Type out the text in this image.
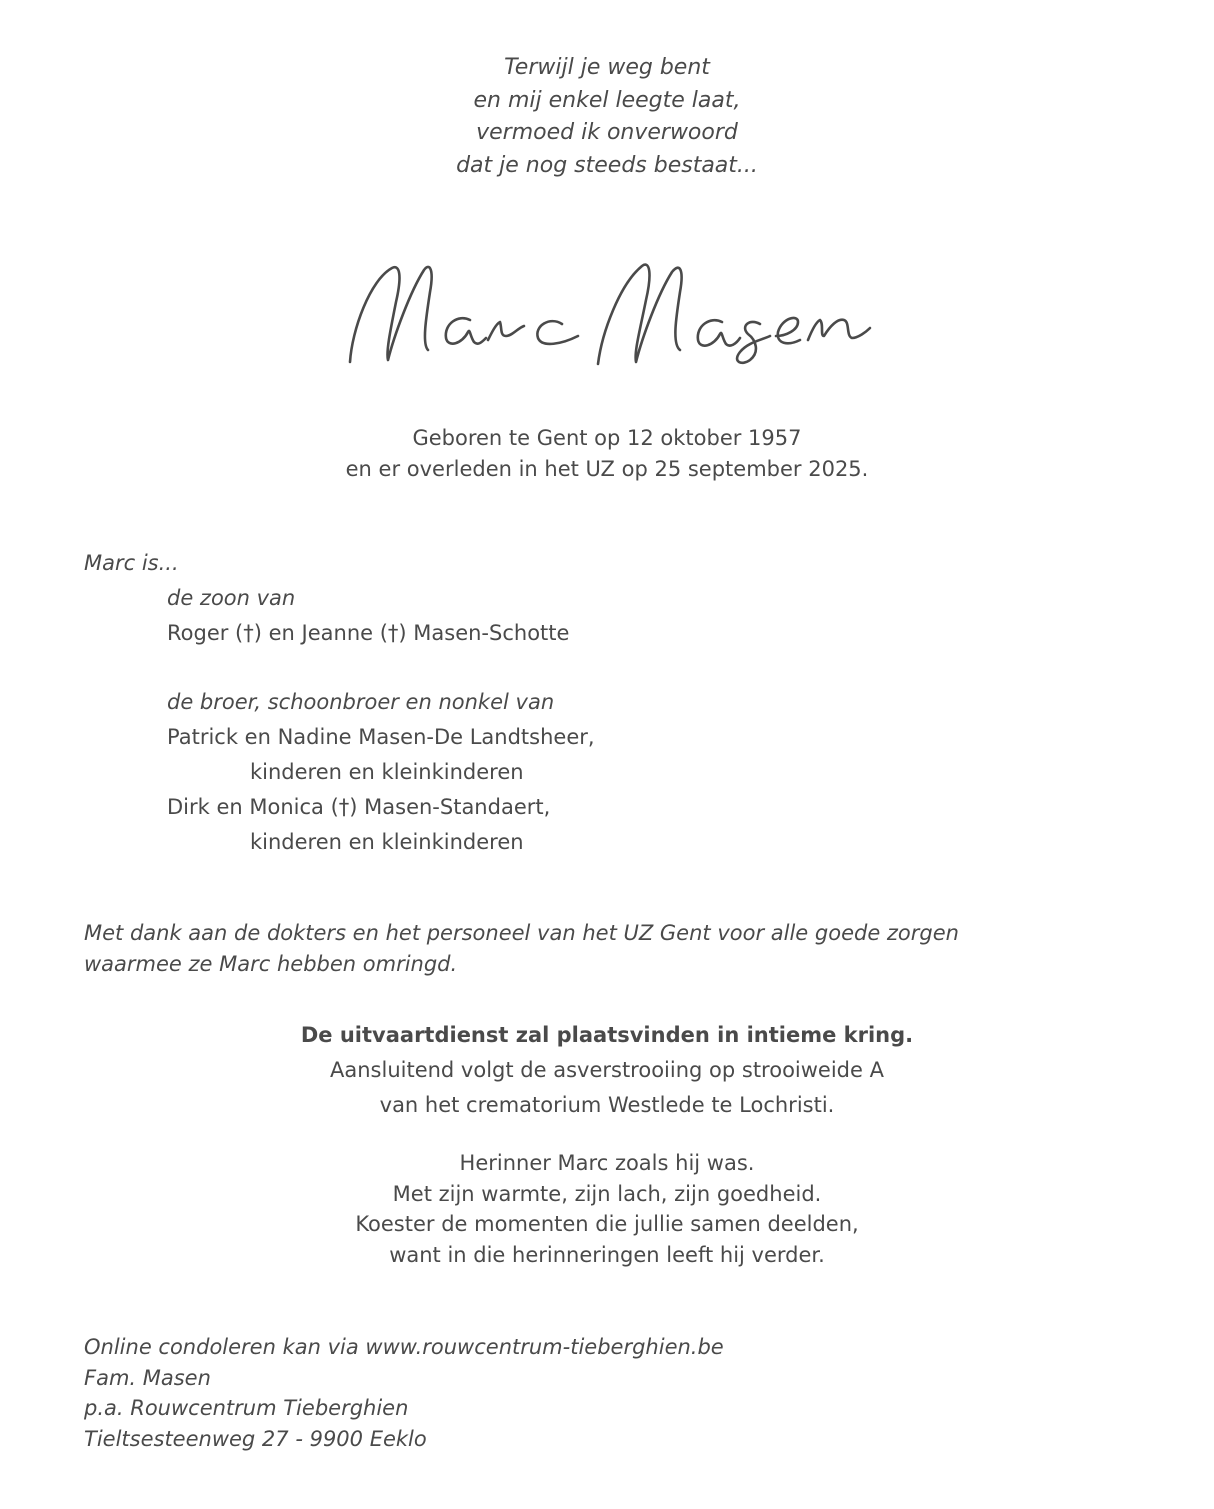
Terwijl je weg bent
en mij enkel leegte laat,
vermoed ik onverwoord
dat je nog steeds bestaat...
Geboren te Gent op 12 oktober 1957
en er overleden in het UZ op 25 september 2025.
Marc is...
de zoon van
Roger (†) en Jeanne (†) Masen-Schotte
de broer, schoonbroer en nonkel van
Patrick en Nadine Masen-De Landtsheer,
kinderen en kleinkinderen
Dirk en Monica (†) Masen-Standaert,
kinderen en kleinkinderen
Met dank aan de dokters en het personeel van het UZ Gent voor alle goede zorgen
waarmee ze Marc hebben omringd.
De uitvaartdienst zal plaatsvinden in intieme kring.
Aansluitend volgt de asverstrooiing op strooiweide A
van het crematorium Westlede te Lochristi.
Herinner Marc zoals hij was.
Met zijn warmte, zijn lach, zijn goedheid.
Koester de momenten die jullie samen deelden,
want in die herinneringen leeft hij verder.
Online condoleren kan via www.rouwcentrum-tieberghien.be
Fam. Masen
p.a. Rouwcentrum Tieberghien
Tieltsesteenweg 27 - 9900 Eeklo
